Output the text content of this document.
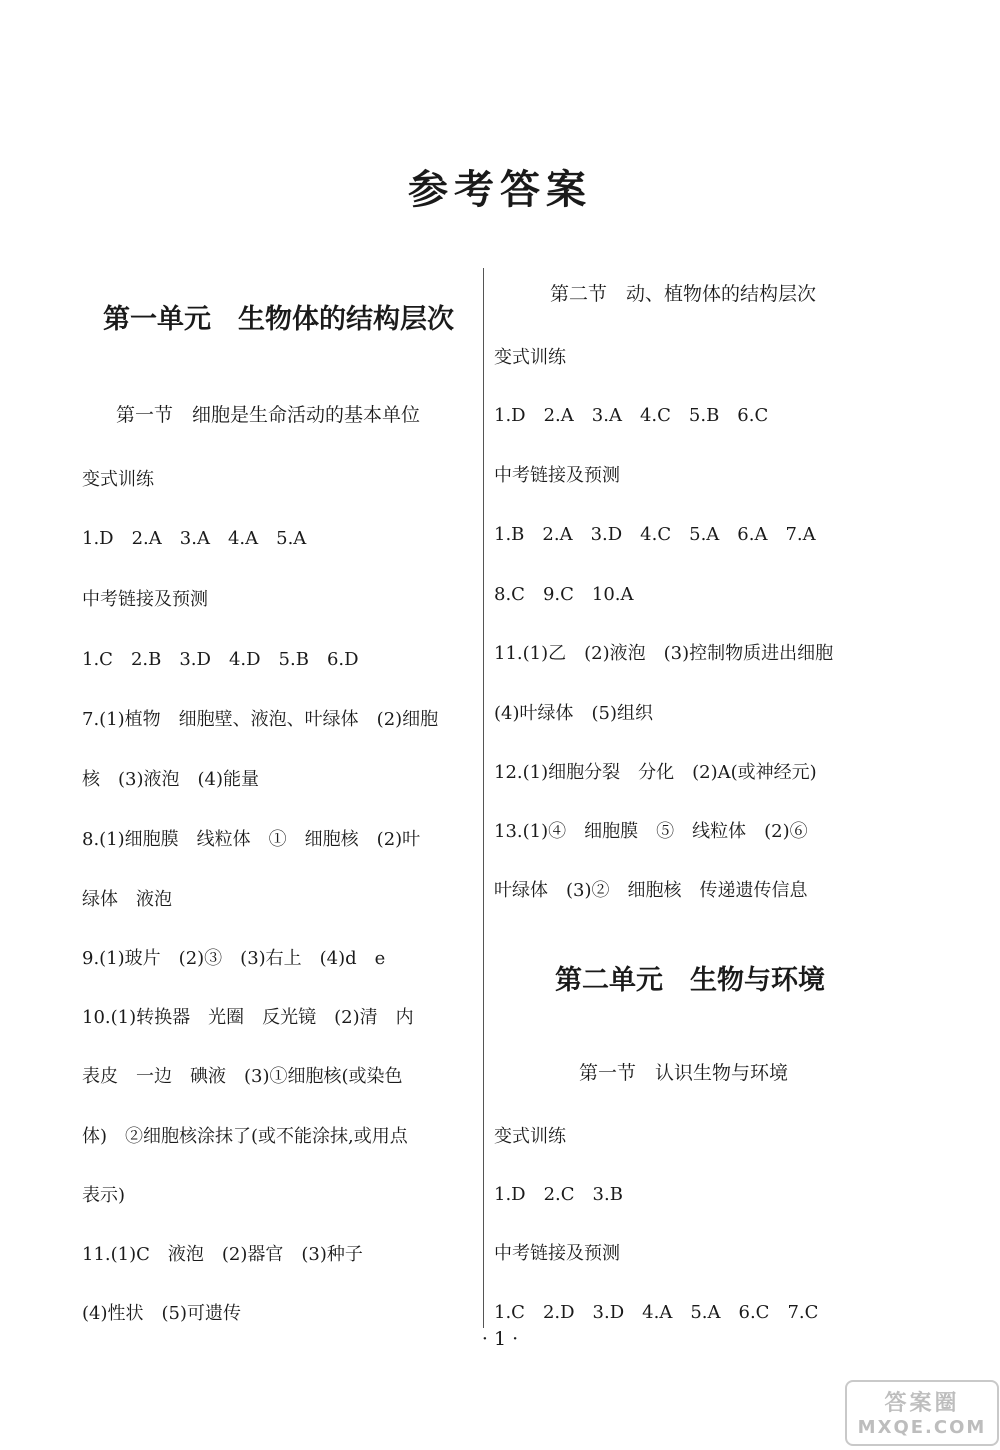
参考答案
第一单元　生物体的结构层次
第一节　细胞是生命活动的基本单位
变式训练
1.D　2.A　3.A　4.A　5.A
中考链接及预测
1.C　2.B　3.D　4.D　5.B　6.D
7.(1)植物　细胞壁、液泡、叶绿体　(2)细胞
核　(3)液泡　(4)能量
8.(1)细胞膜　线粒体　①　细胞核　(2)叶
绿体　液泡
9.(1)玻片　(2)③　(3)右上　(4)d　e
10.(1)转换器　光圈　反光镜　(2)清　内
表皮　一边　碘液　(3)①细胞核(或染色
体)　②细胞核涂抹了(或不能涂抹,或用点
表示)
11.(1)C　液泡　(2)器官　(3)种子
(4)性状　(5)可遗传
第二节　动、植物体的结构层次
变式训练
1.D　2.A　3.A　4.C　5.B　6.C
中考链接及预测
1.B　2.A　3.D　4.C　5.A　6.A　7.A
8.C　9.C　10.A
11.(1)乙　(2)液泡　(3)控制物质进出细胞
(4)叶绿体　(5)组织
12.(1)细胞分裂　分化　(2)A(或神经元)
13.(1)④　细胞膜　⑤　线粒体　(2)⑥
叶绿体　(3)②　细胞核　传递遗传信息
第二单元　生物与环境
第一节　认识生物与环境
变式训练
1.D　2.C　3.B
中考链接及预测
1.C　2.D　3.D　4.A　5.A　6.C　7.C
· 1 ·
答案圈
MXQE.COM
